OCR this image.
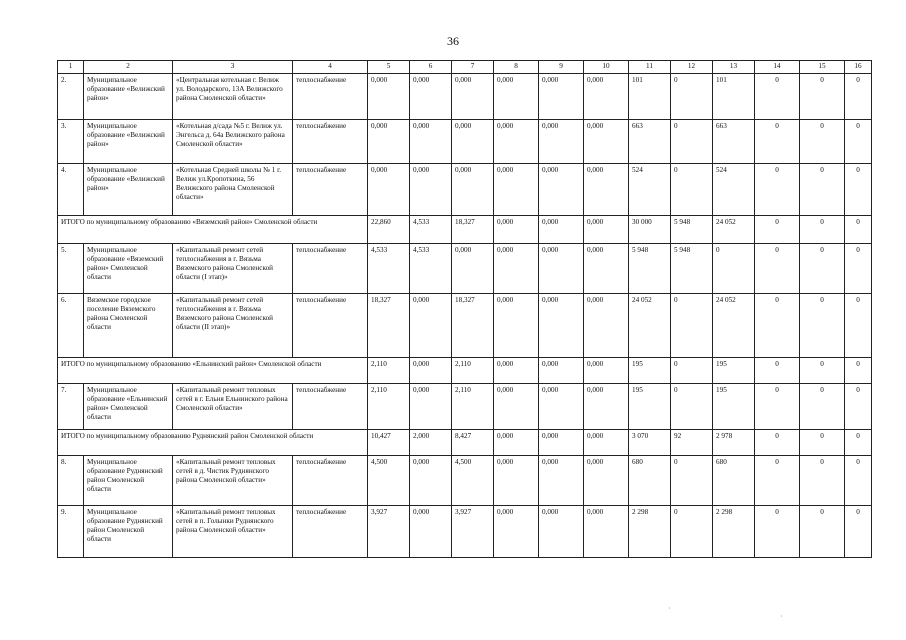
36
1	2	3	4	5	6	7	8	9	10	11	12	13	14	15	16
2.	Муниципальное образование «Велижский район»	«Центральная котельная г. Велиж ул. Володарского, 13А Велижского района Смоленской области»	теплоснабжение	0,000	0,000	0,000	0,000	0,000	0,000	101	0	101	0	0	0
3.	Муниципальное образование «Велижский район»	«Котельная д/сада №5 г. Велиж ул. Энгельса д. 64а Велижского района Смоленской области»	теплоснабжение	0,000	0,000	0,000	0,000	0,000	0,000	663	0	663	0	0	0
4.	Муниципальное образование «Велижский район»	«Котельная Средней школы № 1 г. Велиж ул.Кропоткина, 56 Велижского района Смоленской области»	теплоснабжение	0,000	0,000	0,000	0,000	0,000	0,000	524	0	524	0	0	0
ИТОГО по муниципальному образованию «Вяземский район» Смоленской области				22,860	4,533	18,327	0,000	0,000	0,000	30 000	5 948	24 052	0	0	0
5.	Муниципальное образование «Вяземский район» Смоленской области	«Капитальный ремонт сетей теплоснабжения в г. Вязьма Вяземского района Смоленской области (I этап)»	теплоснабжение	4,533	4,533	0,000	0,000	0,000	0,000	5 948	5 948	0	0	0	0
6.	Вяземское городское поселение Вяземского района Смоленской области	«Капитальный ремонт сетей теплоснабжения в г. Вязьма Вяземского района Смоленской области (II этап)»	теплоснабжение	18,327	0,000	18,327	0,000	0,000	0,000	24 052	0	24 052	0	0	0
ИТОГО по муниципальному образованию «Ельнинский район» Смоленской области				2,110	0,000	2,110	0,000	0,000	0,000	195	0	195	0	0	0
7.	Муниципальное образование «Ельнинский район» Смоленской области	«Капитальный ремонт тепловых сетей в г. Ельня Ельнинского района Смоленской области»	теплоснабжение	2,110	0,000	2,110	0,000	0,000	0,000	195	0	195	0	0	0
ИТОГО по муниципальному образованию Руднянский район Смоленской области				10,427	2,000	8,427	0,000	0,000	0,000	3 070	92	2 978	0	0	0
8.	Муниципальное образование Руднянский район Смоленской области	«Капитальный ремонт тепловых сетей в д. Чистик Руднянского района Смоленской области»	теплоснабжение	4,500	0,000	4,500	0,000	0,000	0,000	680	0	680	0	0	0
9.	Муниципальное образование Руднянский район Смоленской области	«Капитальный ремонт тепловых сетей в п. Голынки Руднянского района Смоленской области»	теплоснабжение	3,927	0,000	3,927	0,000	0,000	0,000	2 298	0	2 298	0	0	0
·
·
